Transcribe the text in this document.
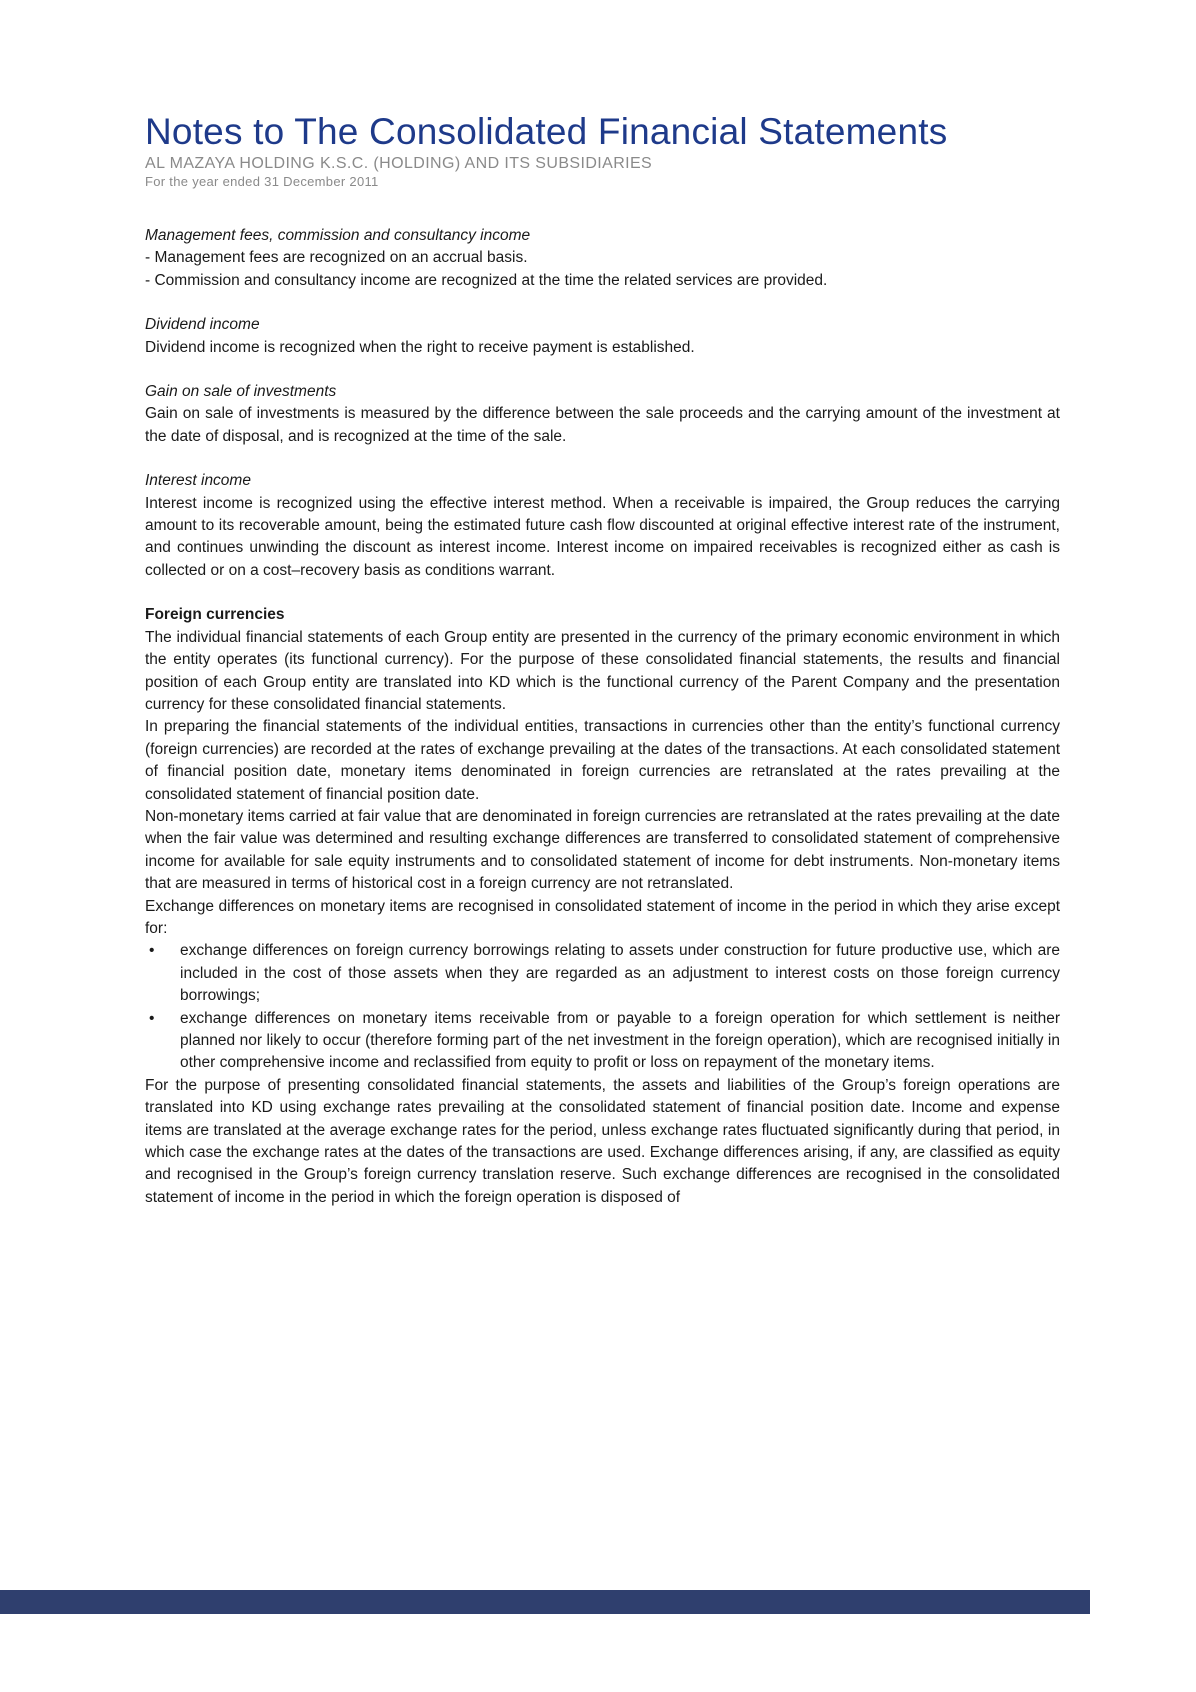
Notes to The Consolidated Financial Statements

AL MAZAYA HOLDING K.S.C. (HOLDING) AND ITS SUBSIDIARIES

For the year ended 31 December 2011

Management fees, commission and consultancy income

- Management fees are recognized on an accrual basis.

- Commission and consultancy income are recognized at the time the related services are provided.

Dividend income

Dividend income is recognized when the right to receive payment is established.

Gain on sale of investments

Gain on sale of investments is measured by the difference between the sale proceeds and the carrying amount of the investment at the date of disposal, and is recognized at the time of the sale.

Interest income

Interest income is recognized using the effective interest method. When a receivable is impaired, the Group reduces the carrying amount to its recoverable amount, being the estimated future cash flow discounted at original effective interest rate of the instrument, and continues unwinding the discount as interest income. Interest income on impaired receivables is recognized either as cash is collected or on a cost–recovery basis as conditions warrant.

Foreign currencies

The individual financial statements of each Group entity are presented in the currency of the primary economic environment in which the entity operates (its functional currency). For the purpose of these consolidated financial statements, the results and financial position of each Group entity are translated into KD which is the functional currency of the Parent Company and the presentation currency for these consolidated financial statements.

In preparing the financial statements of the individual entities, transactions in currencies other than the entity’s functional currency (foreign currencies) are recorded at the rates of exchange prevailing at the dates of the transactions. At each consolidated statement of financial position date, monetary items denominated in foreign currencies are retranslated at the rates prevailing at the consolidated statement of financial position date.

Non-monetary items carried at fair value that are denominated in foreign currencies are retranslated at the rates prevailing at the date when the fair value was determined and resulting exchange differences are transferred to consolidated statement of comprehensive income for available for sale equity instruments and to consolidated statement of income for debt instruments. Non-monetary items that are measured in terms of historical cost in a foreign currency are not retranslated.

Exchange differences on monetary items are recognised in consolidated statement of income in the period in which they arise except for:

• exchange differences on foreign currency borrowings relating to assets under construction for future productive use, which are included in the cost of those assets when they are regarded as an adjustment to interest costs on those foreign currency borrowings;
• exchange differences on monetary items receivable from or payable to a foreign operation for which settlement is neither planned nor likely to occur (therefore forming part of the net investment in the foreign operation), which are recognised initially in other comprehensive income and reclassified from equity to profit or loss on repayment of the monetary items.

For the purpose of presenting consolidated financial statements, the assets and liabilities of the Group’s foreign operations are translated into KD using exchange rates prevailing at the consolidated statement of financial position date. Income and expense items are translated at the average exchange rates for the period, unless exchange rates fluctuated significantly during that period, in which case the exchange rates at the dates of the transactions are used. Exchange differences arising, if any, are classified as equity and recognised in the Group’s foreign currency translation reserve. Such exchange differences are recognised in the consolidated statement of income in the period in which the foreign operation is disposed of
